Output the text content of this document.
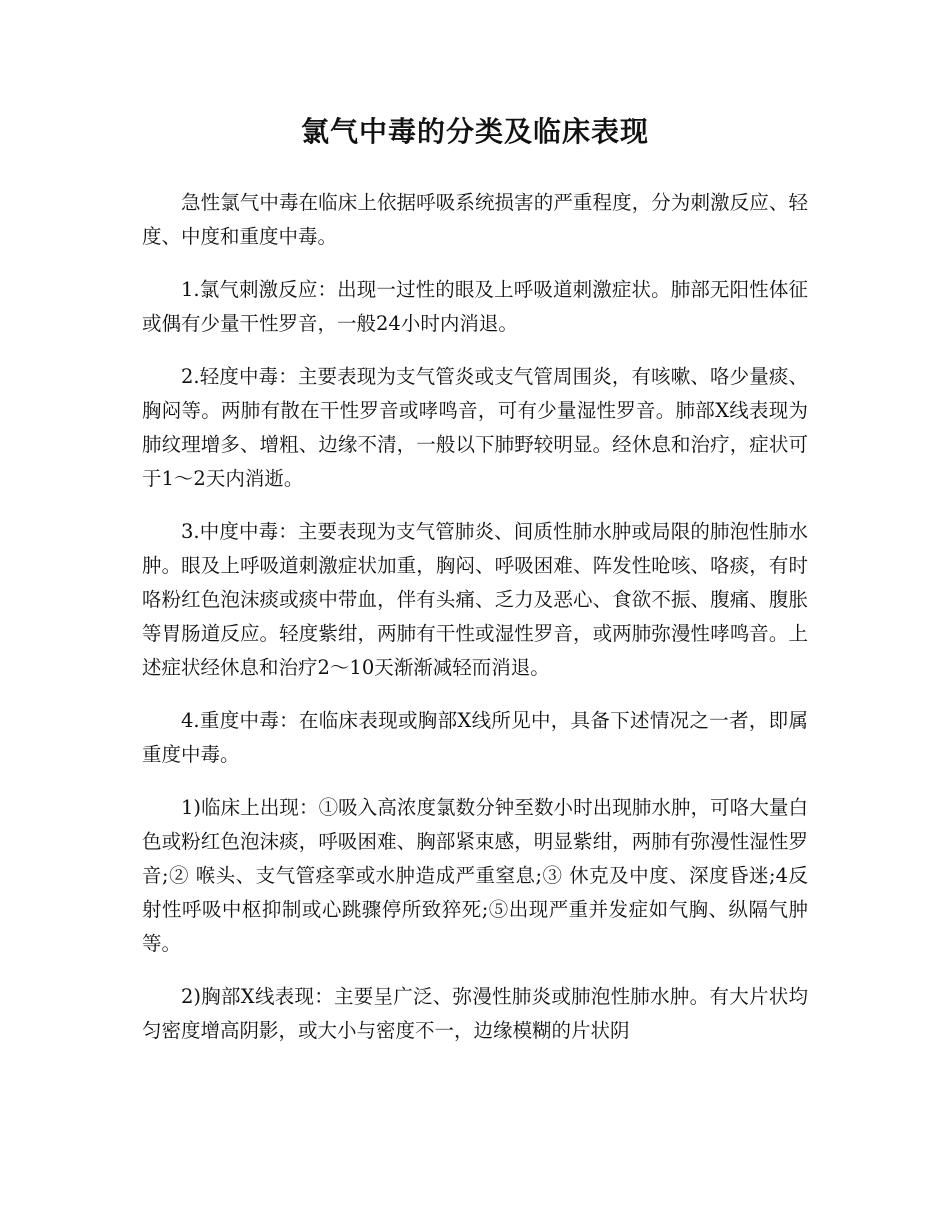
氯气中毒的分类及临床表现

急性氯气中毒在临床上依据呼吸系统损害的严重程度，分为刺激反应、轻度、中度和重度中毒。

1.氯气刺激反应：出现一过性的眼及上呼吸道刺激症状。肺部无阳性体征或偶有少量干性罗音，一般24小时内消退。

2.轻度中毒：主要表现为支气管炎或支气管周围炎，有咳嗽、咯少量痰、胸闷等。两肺有散在干性罗音或哮鸣音，可有少量湿性罗音。肺部X线表现为肺纹理增多、增粗、边缘不清，一般以下肺野较明显。经休息和治疗，症状可于1～2天内消逝。

3.中度中毒：主要表现为支气管肺炎、间质性肺水肿或局限的肺泡性肺水肿。眼及上呼吸道刺激症状加重，胸闷、呼吸困难、阵发性呛咳、咯痰，有时咯粉红色泡沫痰或痰中带血，伴有头痛、乏力及恶心、食欲不振、腹痛、腹胀等胃肠道反应。轻度紫绀，两肺有干性或湿性罗音，或两肺弥漫性哮鸣音。上述症状经休息和治疗2～10天渐渐减轻而消退。

4.重度中毒：在临床表现或胸部X线所见中，具备下述情况之一者，即属重度中毒。

1)临床上出现：①吸入高浓度氯数分钟至数小时出现肺水肿，可咯大量白色或粉红色泡沫痰，呼吸困难、胸部紧束感，明显紫绀，两肺有弥漫性湿性罗音;② 喉头、支气管痉挛或水肿造成严重窒息;③ 休克及中度、深度昏迷;4反射性呼吸中枢抑制或心跳骤停所致猝死;⑤出现严重并发症如气胸、纵隔气肿等。

2)胸部X线表现：主要呈广泛、弥漫性肺炎或肺泡性肺水肿。有大片状均匀密度增高阴影，或大小与密度不一，边缘模糊的片状阴
